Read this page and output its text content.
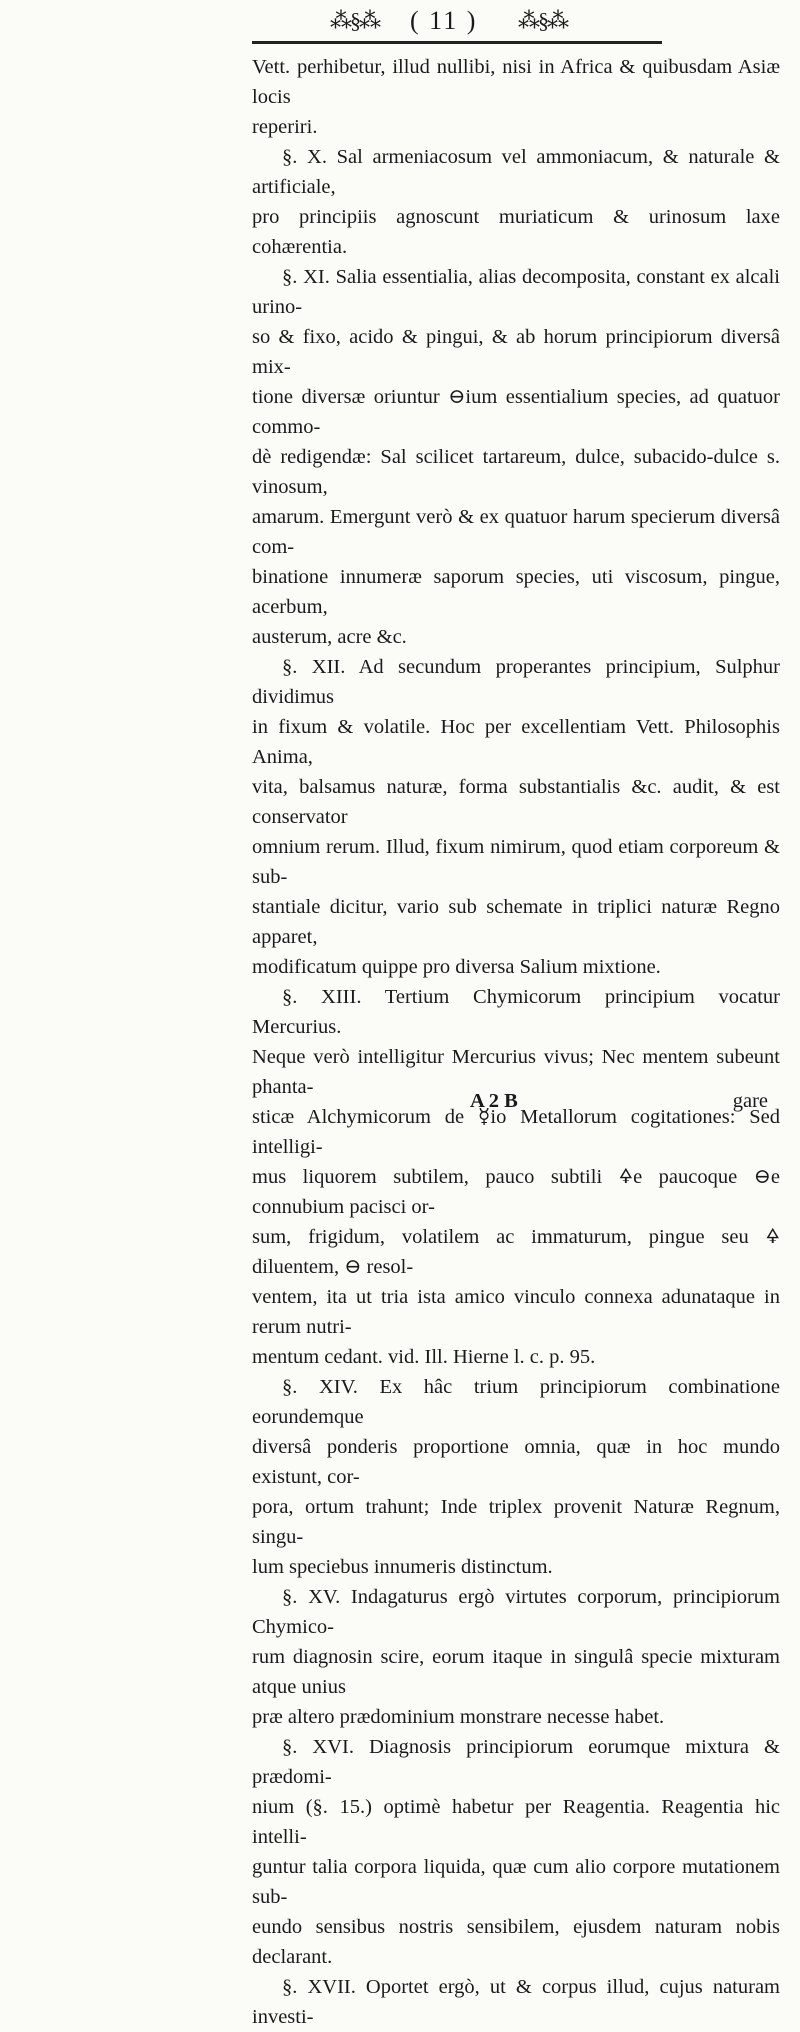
⁂§⁂ ( 11 ) ⁂§⁂

Vett. perhibetur, illud nullibi, nisi in Africa & quibusdam Asiæ locis

reperiri.

§. X. Sal armeniacosum vel ammoniacum, & naturale & artificiale,

pro principiis agnoscunt muriaticum & urinosum laxe cohærentia.

§. XI. Salia essentialia, alias decomposita, constant ex alcali urino-

so & fixo, acido & pingui, & ab horum principiorum diversâ mix-

tione diversæ oriuntur ⊖ium essentialium species, ad quatuor commo-

dè redigendæ: Sal scilicet tartareum, dulce, subacido-dulce s. vinosum,

amarum. Emergunt verò & ex quatuor harum specierum diversâ com-

binatione innumeræ saporum species, uti viscosum, pingue, acerbum,

austerum, acre &c.

§. XII. Ad secundum properantes principium, Sulphur dividimus

in fixum & volatile. Hoc per excellentiam Vett. Philosophis Anima,

vita, balsamus naturæ, forma substantialis &c. audit, & est conservator

omnium rerum. Illud, fixum nimirum, quod etiam corporeum & sub-

stantiale dicitur, vario sub schemate in triplici naturæ Regno apparet,

modificatum quippe pro diversa Salium mixtione.

§. XIII. Tertium Chymicorum principium vocatur Mercurius.

Neque verò intelligitur Mercurius vivus; Nec mentem subeunt phanta-

sticæ Alchymicorum de ☿io Metallorum cogitationes: Sed intelligi-

mus liquorem subtilem, pauco subtili 🜍e paucoque ⊖e connubium pacisci or-

sum, frigidum, volatilem ac immaturum, pingue seu 🜍 diluentem, ⊖ resol-

ventem, ita ut tria ista amico vinculo connexa adunataque in rerum nutri-

mentum cedant. vid. Ill. Hierne l. c. p. 95.

§. XIV. Ex hâc trium principiorum combinatione eorundemque

diversâ ponderis proportione omnia, quæ in hoc mundo existunt, cor-

pora, ortum trahunt; Inde triplex provenit Naturæ Regnum, singu-

lum speciebus innumeris distinctum.

§. XV. Indagaturus ergò virtutes corporum, principiorum Chymico-

rum diagnosin scire, eorum itaque in singulâ specie mixturam atque unius

præ altero prædominium monstrare necesse habet.

§. XVI. Diagnosis principiorum eorumque mixtura & prædomi-

nium (§. 15.) optimè habetur per Reagentia. Reagentia hic intelli-

guntur talia corpora liquida, quæ cum alio corpore mutationem sub-

eundo sensibus nostris sensibilem, ejusdem naturam nobis declarant.

§. XVII. Oportet ergò, ut & corpus illud, cujus naturam investi-

A 2 B	gare
